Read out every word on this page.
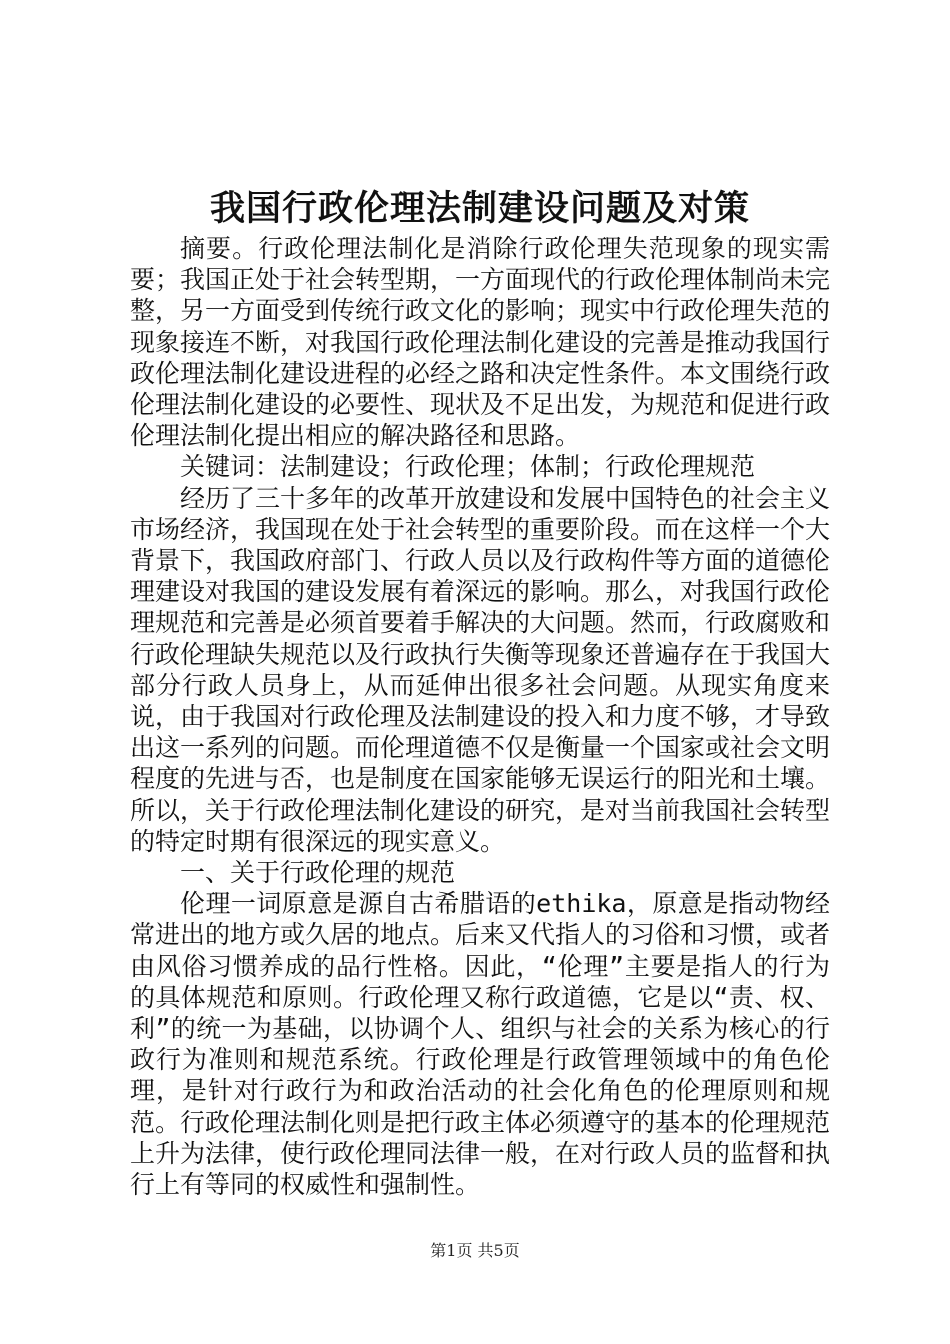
我国行政伦理法制建设问题及对策

摘要。行政伦理法制化是消除行政伦理失范现象的现实需要；我国正处于社会转型期，一方面现代的行政伦理体制尚未完整，另一方面受到传统行政文化的影响；现实中行政伦理失范的现象接连不断，对我国行政伦理法制化建设的完善是推动我国行政伦理法制化建设进程的必经之路和决定性条件。本文围绕行政伦理法制化建设的必要性、现状及不足出发，为规范和促进行政伦理法制化提出相应的解决路径和思路。

关键词：法制建设；行政伦理；体制；行政伦理规范

经历了三十多年的改革开放建设和发展中国特色的社会主义市场经济，我国现在处于社会转型的重要阶段。而在这样一个大背景下，我国政府部门、行政人员以及行政构件等方面的道德伦理建设对我国的建设发展有着深远的影响。那么，对我国行政伦理规范和完善是必须首要着手解决的大问题。然而，行政腐败和行政伦理缺失规范以及行政执行失衡等现象还普遍存在于我国大部分行政人员身上，从而延伸出很多社会问题。从现实角度来说，由于我国对行政伦理及法制建设的投入和力度不够，才导致出这一系列的问题。而伦理道德不仅是衡量一个国家或社会文明程度的先进与否，也是制度在国家能够无误运行的阳光和土壤。所以，关于行政伦理法制化建设的研究，是对当前我国社会转型的特定时期有很深远的现实意义。

一、关于行政伦理的规范

伦理一词原意是源自古希腊语的ethika，原意是指动物经常进出的地方或久居的地点。后来又代指人的习俗和习惯，或者由风俗习惯养成的品行性格。因此，“伦理”主要是指人的行为的具体规范和原则。行政伦理又称行政道德，它是以“责、权、利”的统一为基础，以协调个人、组织与社会的关系为核心的行政行为准则和规范系统。行政伦理是行政管理领域中的角色伦理，是针对行政行为和政治活动的社会化角色的伦理原则和规范。行政伦理法制化则是把行政主体必须遵守的基本的伦理规范上升为法律，使行政伦理同法律一般，在对行政人员的监督和执行上有等同的权威性和强制性。

第1页 共5页
